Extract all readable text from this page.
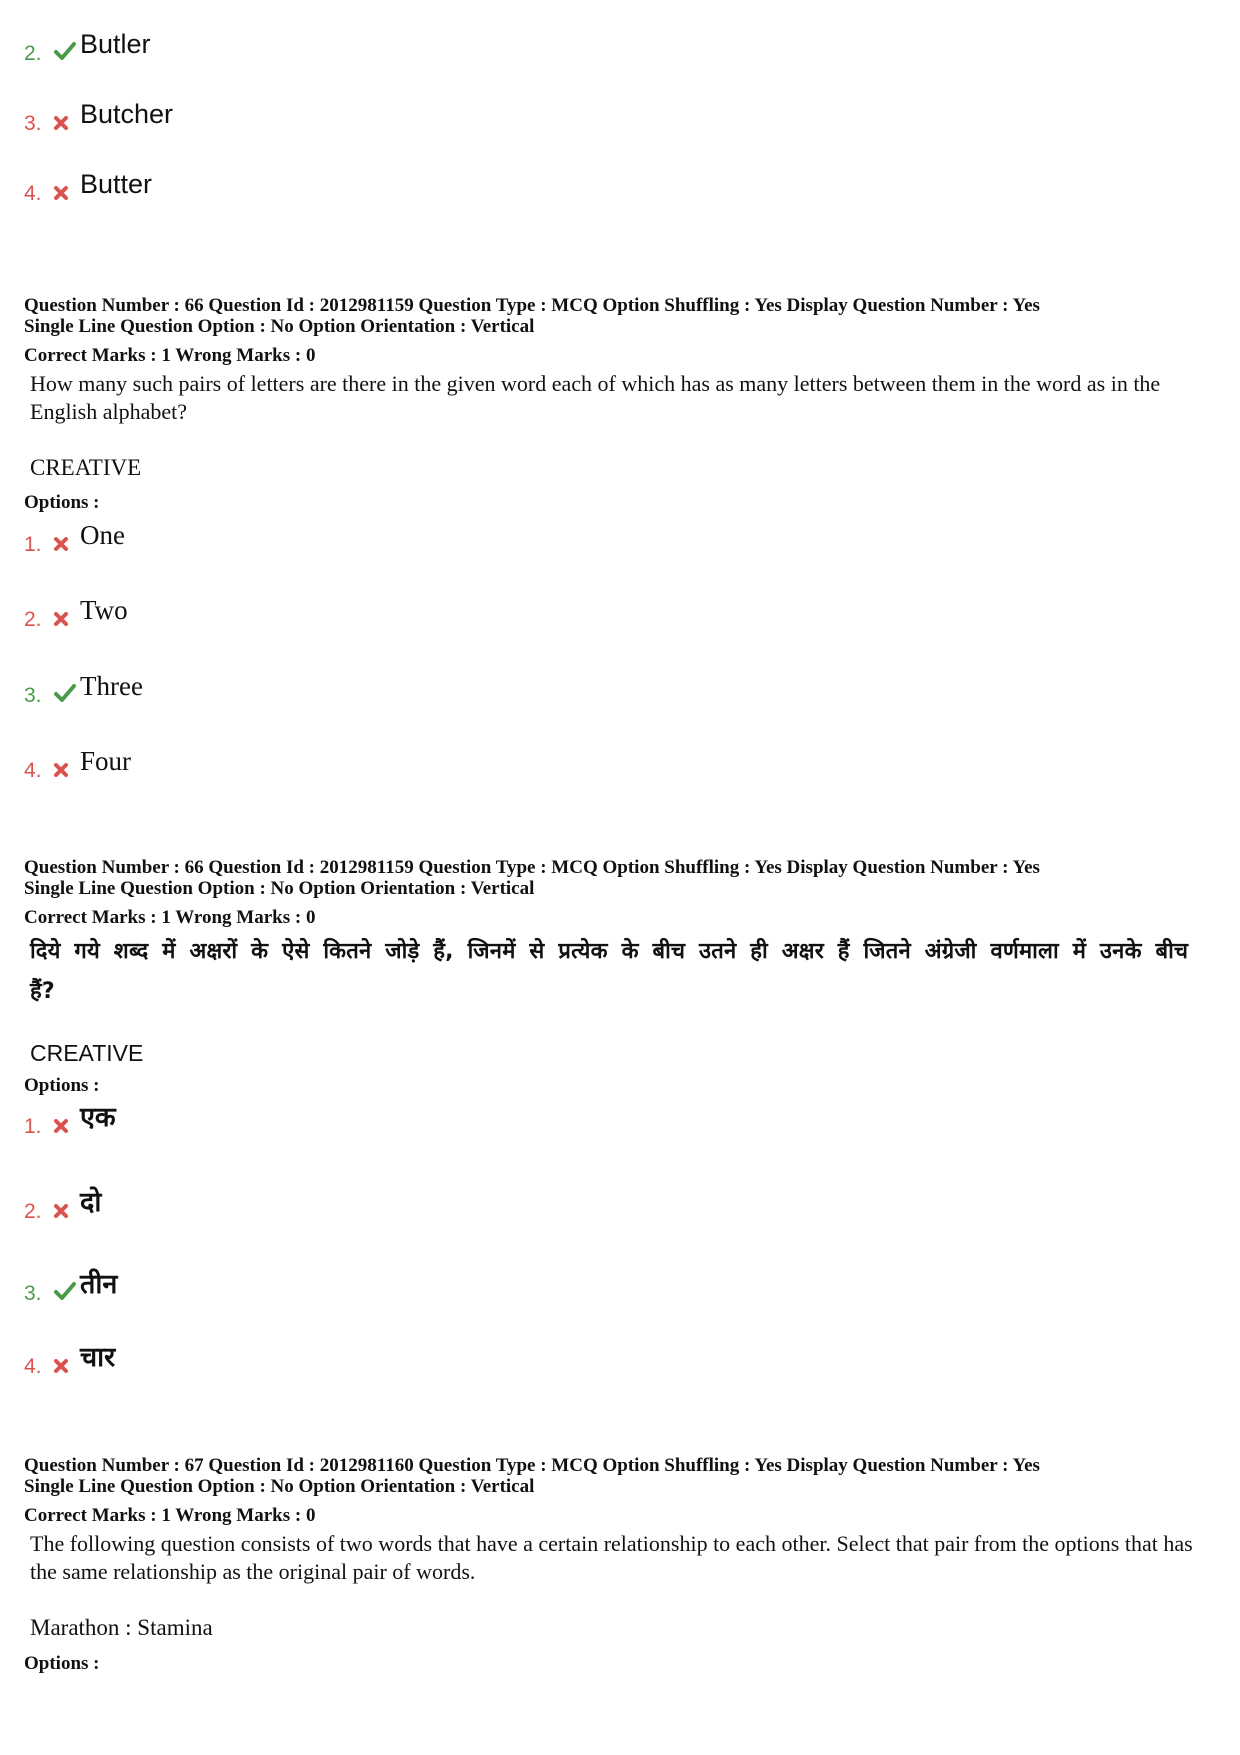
2.	Butler
3.	Butcher
4.	Butter
Question Number : 66 Question Id : 2012981159 Question Type : MCQ Option Shuffling : Yes Display Question Number : Yes
Single Line Question Option : No Option Orientation : Vertical
Correct Marks : 1 Wrong Marks : 0
How many such pairs of letters are there in the given word each of which has as many letters between them in the word as in the English alphabet?
CREATIVE
Options :
1.	One
2.	Two
3.	Three
4.	Four
Question Number : 66 Question Id : 2012981159 Question Type : MCQ Option Shuffling : Yes Display Question Number : Yes
Single Line Question Option : No Option Orientation : Vertical
Correct Marks : 1 Wrong Marks : 0
दिये गये शब्द में अक्षरों के ऐसे कितने जोड़े हैं, जिनमें से प्रत्येक के बीच उतने ही अक्षर हैं जितने अंग्रेजी वर्णमाला में उनके बीच हैं?
CREATIVE
Options :
1.	एक
2.	दो
3.	तीन
4.	चार
Question Number : 67 Question Id : 2012981160 Question Type : MCQ Option Shuffling : Yes Display Question Number : Yes
Single Line Question Option : No Option Orientation : Vertical
Correct Marks : 1 Wrong Marks : 0
The following question consists of two words that have a certain relationship to each other. Select that pair from the options that has the same relationship as the original pair of words.
Marathon : Stamina
Options :
